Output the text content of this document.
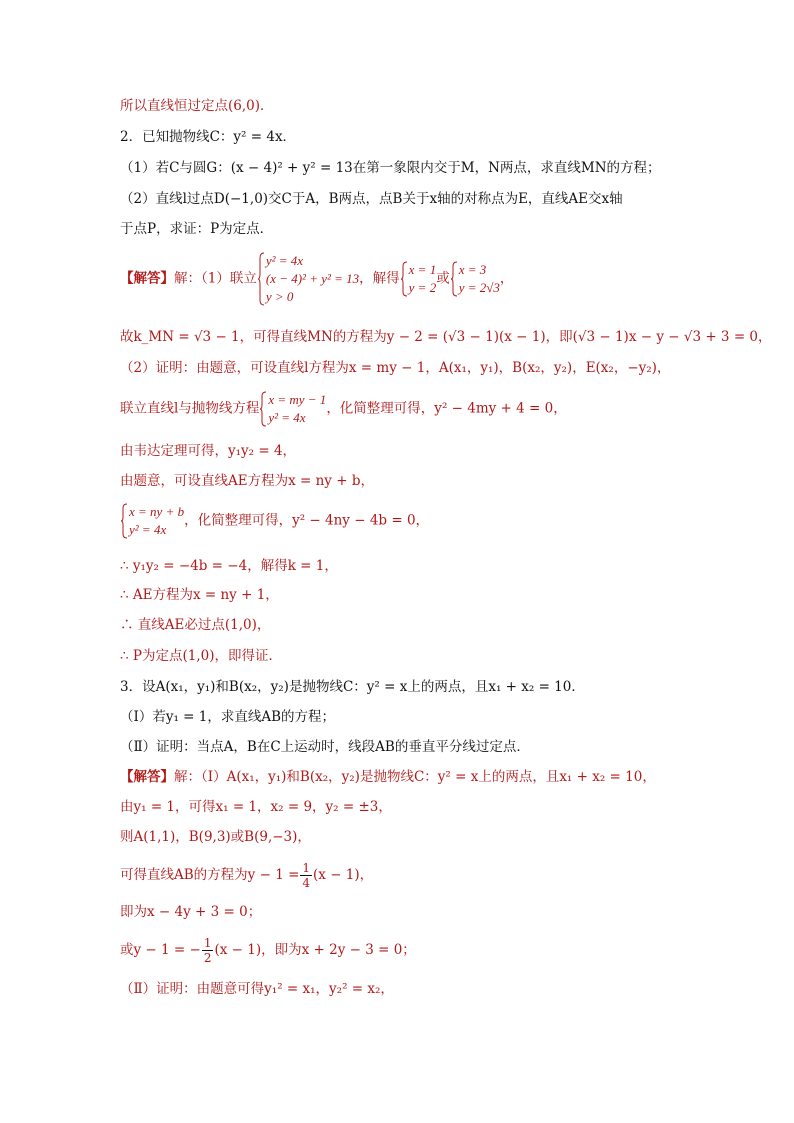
所以直线恒过定点(6,0)．
2．已知抛物线C：y² = 4x．
（1）若C与圆G：(x − 4)² + y² = 13在第一象限内交于M，N两点，求直线MN的方程；
（2）直线l过点D(−1,0)交C于A，B两点，点B关于x轴的对称点为E，直线AE交x轴
于点P，求证：P为定点．
【解答】解：（1）联立
y² = 4x
(x − 4)² + y² = 13
y > 0
，解得
x = 1
y = 2
或
x = 3
y = 2√3
，
故k_MN = √3 − 1，可得直线MN的方程为y − 2 = (√3 − 1)(x − 1)，即(√3 − 1)x − y − √3 + 3 = 0，
（2）证明：由题意，可设直线l方程为x = my − 1，A(x₁，y₁)，B(x₂，y₂)，E(x₂，−y₂)，
联立直线l与抛物线方程
x = my − 1
y² = 4x
，化简整理可得，y² − 4my + 4 = 0，
由韦达定理可得，y₁y₂ = 4，
由题意，可设直线AE方程为x = ny + b，
x = ny + b
y² = 4x
，化简整理可得，y² − 4ny − 4b = 0，
∴ y₁y₂ = −4b = −4，解得k = 1，
∴ AE方程为x = ny + 1，
∴ 直线AE必过点(1,0)，
∴ P为定点(1,0)，即得证．
3．设A(x₁，y₁)和B(x₂，y₂)是抛物线C：y² = x上的两点，且x₁ + x₂ = 10．
（Ⅰ）若y₁ = 1，求直线AB的方程；
（Ⅱ）证明：当点A，B在C上运动时，线段AB的垂直平分线过定点．
【解答】解：（Ⅰ）A(x₁，y₁)和B(x₂，y₂)是抛物线C：y² = x上的两点，且x₁ + x₂ = 10，
由y₁ = 1，可得x₁ = 1，x₂ = 9，y₂ = ±3，
则A(1,1)，B(9,3)或B(9,−3)，
可得直线AB的方程为$y - 1 = \frac{1}{4} (x - 1)$，
即为x − 4y + 3 = 0；
或y − 1 = − $\frac{1}{2} (x - 1)$，即为x + 2y − 3 = 0；
（Ⅱ）证明：由题意可得y₁² = x₁，y₂² = x₂，
